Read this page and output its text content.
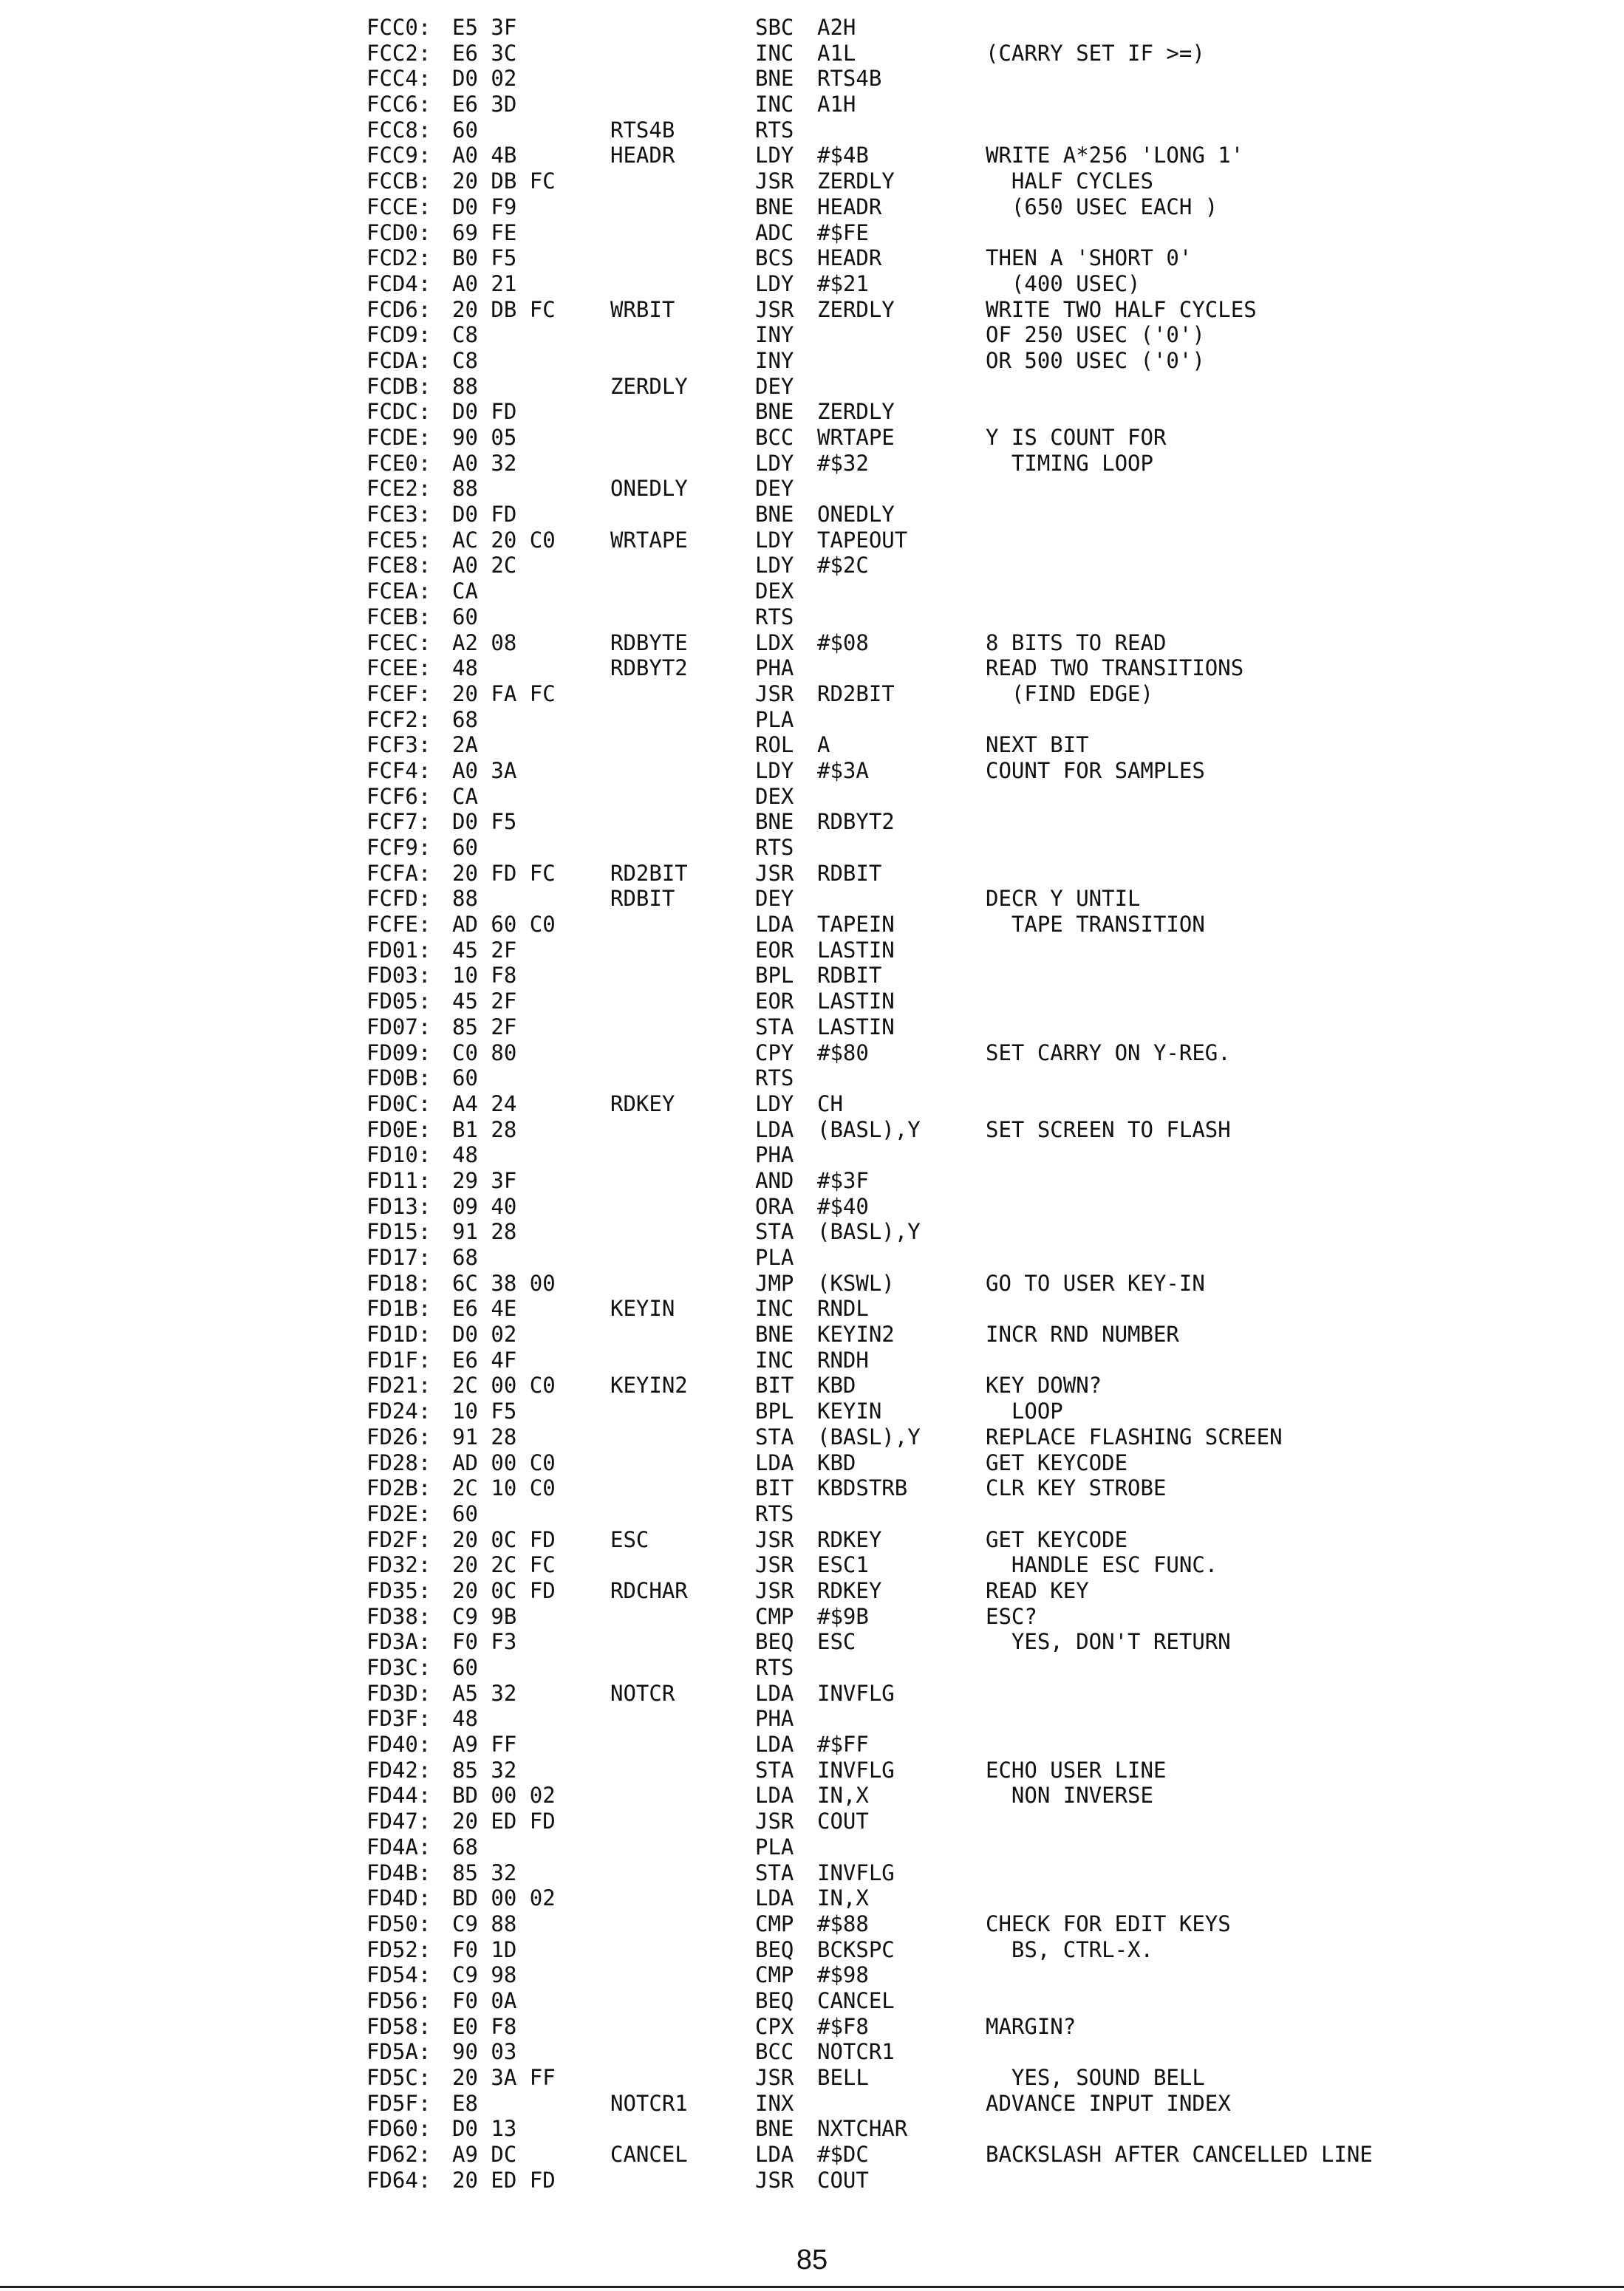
FCC0: E5 3F	SBC A2H
FCC2: E6 3C	INC A1L	(CARRY SET IF >=)
FCC4: D0 02	BNE RTS4B
FCC6: E6 3D	INC A1H
FCC8: 60	RTS4B	RTS
FCC9: A0 4B	HEADR	LDY #$4B	WRITE A*256 'LONG 1'
FCCB: 20 DB FC	JSR ZERDLY	HALF CYCLES
FCCE: D0 F9	BNE HEADR	(650 USEC EACH )
FCD0: 69 FE	ADC #$FE
FCD2: B0 F5	BCS HEADR	THEN A 'SHORT 0'
FCD4: A0 21	LDY #$21	(400 USEC)
FCD6: 20 DB FC	WRBIT	JSR ZERDLY	WRITE TWO HALF CYCLES
FCD9: C8	INY	OF 250 USEC ('0')
FCDA: C8	INY	OR 500 USEC ('0')
FCDB: 88	ZERDLY	DEY
FCDC: D0 FD	BNE ZERDLY
FCDE: 90 05	BCC WRTAPE	Y IS COUNT FOR
FCE0: A0 32	LDY #$32	TIMING LOOP
FCE2: 88	ONEDLY	DEY
FCE3: D0 FD	BNE ONEDLY
FCE5: AC 20 C0	WRTAPE	LDY TAPEOUT
FCE8: A0 2C	LDY #$2C
FCEA: CA	DEX
FCEB: 60	RTS
FCEC: A2 08	RDBYTE	LDX #$08	8 BITS TO READ
FCEE: 48	RDBYT2	PHA	READ TWO TRANSITIONS
FCEF: 20 FA FC	JSR RD2BIT	(FIND EDGE)
FCF2: 68	PLA
FCF3: 2A	ROL A	NEXT BIT
FCF4: A0 3A	LDY #$3A	COUNT FOR SAMPLES
FCF6: CA	DEX
FCF7: D0 F5	BNE RDBYT2
FCF9: 60	RTS
FCFA: 20 FD FC	RD2BIT	JSR RDBIT
FCFD: 88	RDBIT	DEY	DECR Y UNTIL
FCFE: AD 60 C0	LDA TAPEIN	TAPE TRANSITION
FD01: 45 2F	EOR LASTIN
FD03: 10 F8	BPL RDBIT
FD05: 45 2F	EOR LASTIN
FD07: 85 2F	STA LASTIN
FD09: C0 80	CPY #$80	SET CARRY ON Y-REG.
FD0B: 60	RTS
FD0C: A4 24	RDKEY	LDY CH
FD0E: B1 28	LDA (BASL),Y	SET SCREEN TO FLASH
FD10: 48	PHA
FD11: 29 3F	AND #$3F
FD13: 09 40	ORA #$40
FD15: 91 28	STA (BASL),Y
FD17: 68	PLA
FD18: 6C 38 00	JMP (KSWL)	GO TO USER KEY-IN
FD1B: E6 4E	KEYIN	INC RNDL
FD1D: D0 02	BNE KEYIN2	INCR RND NUMBER
FD1F: E6 4F	INC RNDH
FD21: 2C 00 C0	KEYIN2	BIT KBD	KEY DOWN?
FD24: 10 F5	BPL KEYIN	LOOP
FD26: 91 28	STA (BASL),Y	REPLACE FLASHING SCREEN
FD28: AD 00 C0	LDA KBD	GET KEYCODE
FD2B: 2C 10 C0	BIT KBDSTRB	CLR KEY STROBE
FD2E: 60	RTS
FD2F: 20 0C FD	ESC	JSR RDKEY	GET KEYCODE
FD32: 20 2C FC	JSR ESC1	HANDLE ESC FUNC.
FD35: 20 0C FD	RDCHAR	JSR RDKEY	READ KEY
FD38: C9 9B	CMP #$9B	ESC?
FD3A: F0 F3	BEQ ESC	YES, DON'T RETURN
FD3C: 60	RTS
FD3D: A5 32	NOTCR	LDA INVFLG
FD3F: 48	PHA
FD40: A9 FF	LDA #$FF
FD42: 85 32	STA INVFLG	ECHO USER LINE
FD44: BD 00 02	LDA IN,X	NON INVERSE
FD47: 20 ED FD	JSR COUT
FD4A: 68	PLA
FD4B: 85 32	STA INVFLG
FD4D: BD 00 02	LDA IN,X
FD50: C9 88	CMP #$88	CHECK FOR EDIT KEYS
FD52: F0 1D	BEQ BCKSPC	BS, CTRL-X.
FD54: C9 98	CMP #$98
FD56: F0 0A	BEQ CANCEL
FD58: E0 F8	CPX #$F8	MARGIN?
FD5A: 90 03	BCC NOTCR1
FD5C: 20 3A FF	JSR BELL	YES, SOUND BELL
FD5F: E8	NOTCR1	INX	ADVANCE INPUT INDEX
FD60: D0 13	BNE NXTCHAR
FD62: A9 DC	CANCEL	LDA #$DC	BACKSLASH AFTER CANCELLED LINE
FD64: 20 ED FD	JSR COUT
85
